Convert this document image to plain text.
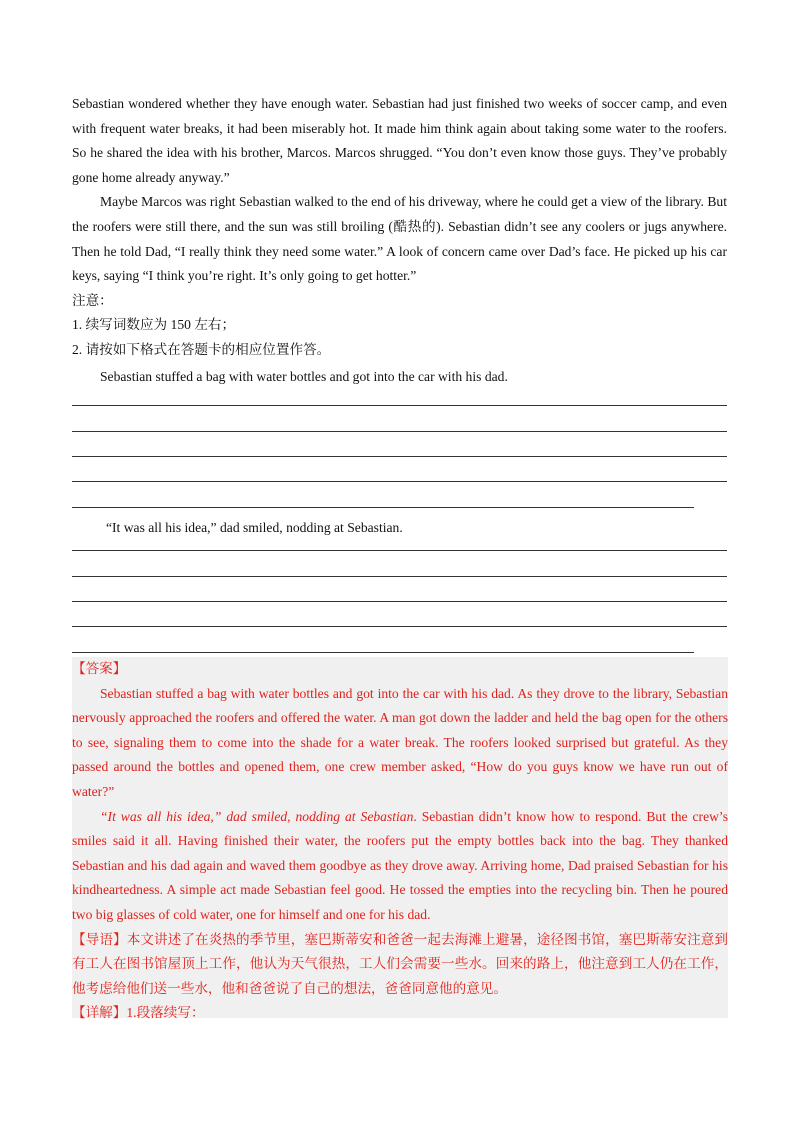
Sebastian wondered whether they have enough water. Sebastian had just finished two weeks of soccer camp, and even with frequent water breaks, it had been miserably hot. It made him think again about taking some water to the roofers. So he shared the idea with his brother, Marcos. Marcos shrugged. “You don’t even know those guys. They’ve probably gone home already anyway.”

Maybe Marcos was right Sebastian walked to the end of his driveway, where he could get a view of the library. But the roofers were still there, and the sun was still broiling (酷热的). Sebastian didn’t see any coolers or jugs anywhere. Then he told Dad, “I really think they need some water.” A look of concern came over Dad’s face. He picked up his car keys, saying “I think you’re right. It’s only going to get hotter.”

注意：

1. 续写词数应为 150 左右；

2. 请按如下格式在答题卡的相应位置作答。

Sebastian stuffed a bag with water bottles and got into the car with his dad.

“It was all his idea,” dad smiled, nodding at Sebastian.

【答案】

Sebastian stuffed a bag with water bottles and got into the car with his dad. As they drove to the library, Sebastian nervously approached the roofers and offered the water. A man got down the ladder and held the bag open for the others to see, signaling them to come into the shade for a water break. The roofers looked surprised but grateful. As they passed around the bottles and opened them, one crew member asked, “How do you guys know we have run out of water?”

“It was all his idea,” dad smiled, nodding at Sebastian. Sebastian didn’t know how to respond. But the crew’s smiles said it all. Having finished their water, the roofers put the empty bottles back into the bag. They thanked Sebastian and his dad again and waved them goodbye as they drove away. Arriving home, Dad praised Sebastian for his kindheartedness. A simple act made Sebastian feel good. He tossed the empties into the recycling bin. Then he poured two big glasses of cold water, one for himself and one for his dad.

【导语】本文讲述了在炎热的季节里，塞巴斯蒂安和爸爸一起去海滩上避暑，途径图书馆，塞巴斯蒂安注意到有工人在图书馆屋顶上工作，他认为天气很热，工人们会需要一些水。回来的路上，他注意到工人仍在工作，他考虑给他们送一些水，他和爸爸说了自己的想法，爸爸同意他的意见。

【详解】1.段落续写：
